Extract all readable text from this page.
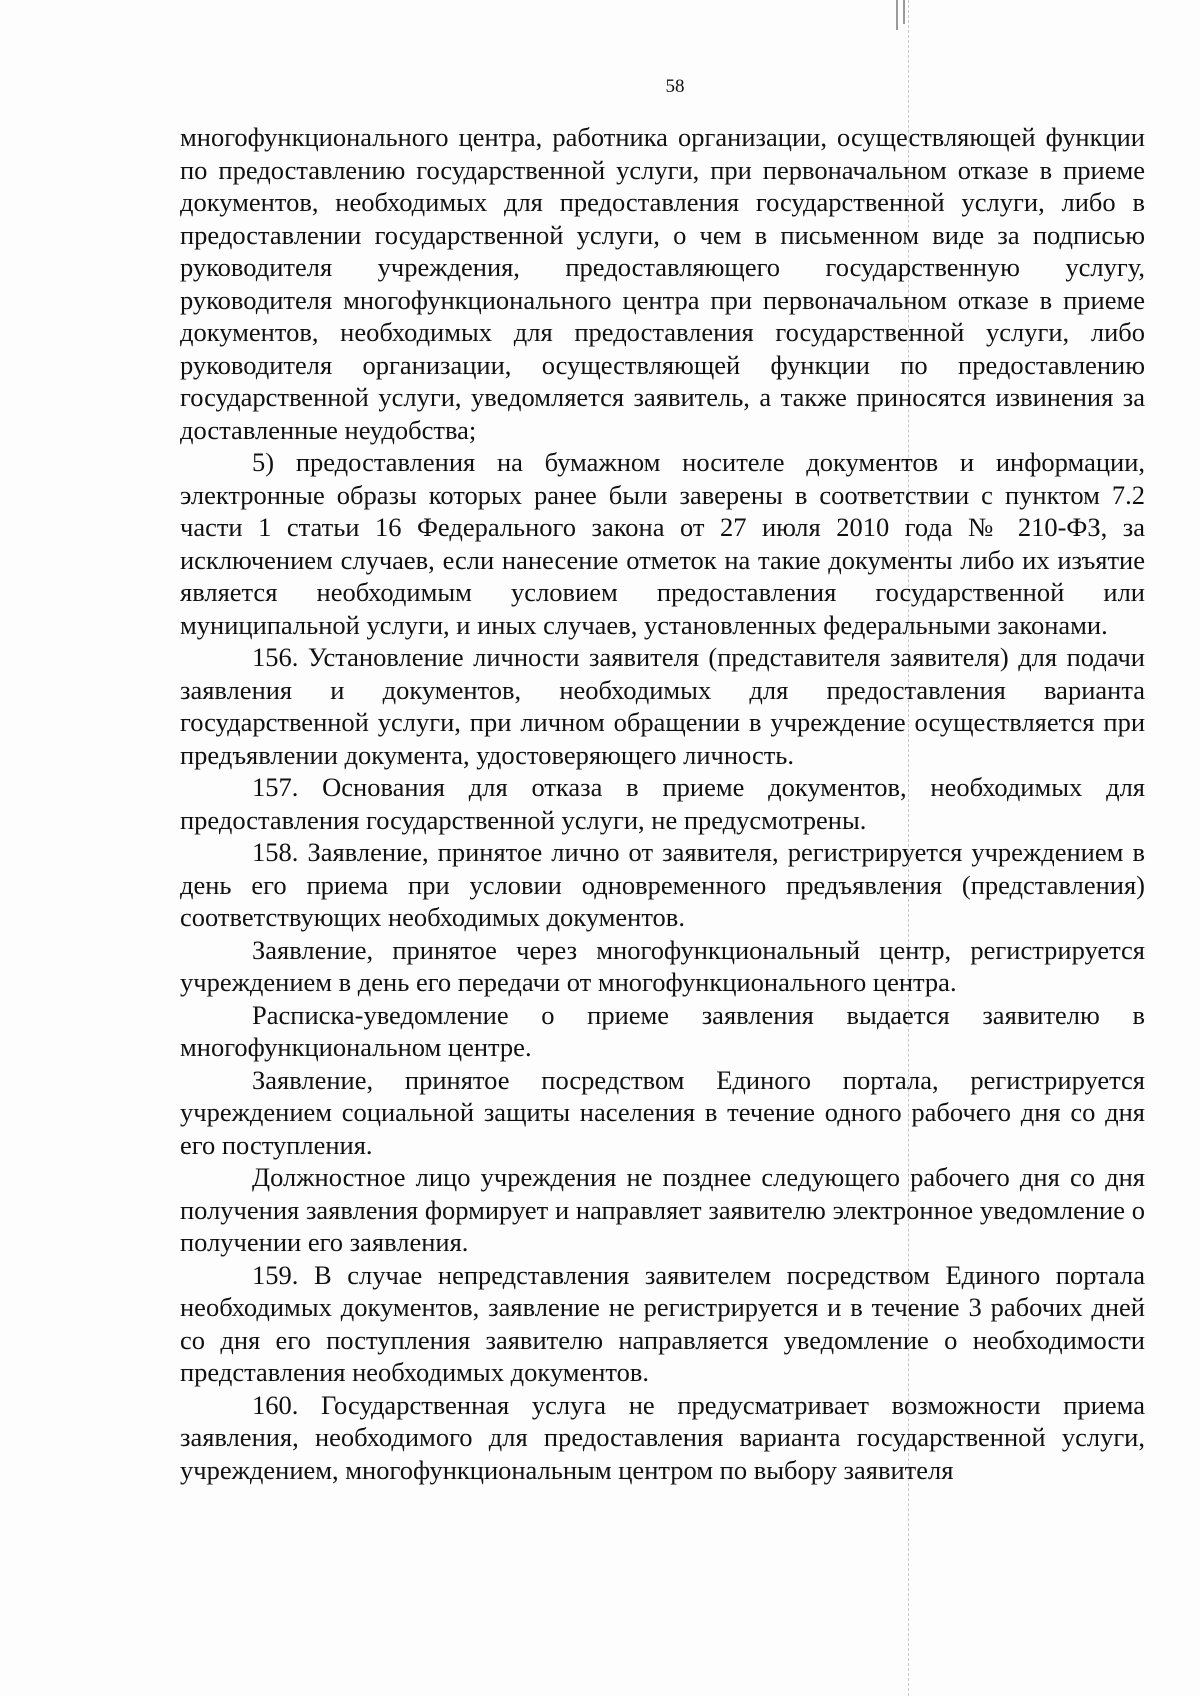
58

многофункционального центра, работника организации, осуществляющей функции по предоставлению государственной услуги, при первоначальном отказе в приеме документов, необходимых для предоставления государственной услуги, либо в предоставлении государственной услуги, о чем в письменном виде за подписью руководителя учреждения, предоставляющего государственную услугу, руководителя многофункционального центра при первоначальном отказе в приеме документов, необходимых для предоставления государственной услуги, либо руководителя организации, осуществляющей функции по предоставлению государственной услуги, уведомляется заявитель, а также приносятся извинения за доставленные неудобства;

5) предоставления на бумажном носителе документов и информации, электронные образы которых ранее были заверены в соответствии с пунктом 7.2 части 1 статьи 16 Федерального закона от 27 июля 2010 года № 210-ФЗ, за исключением случаев, если нанесение отметок на такие документы либо их изъятие является необходимым условием предоставления государственной или муниципальной услуги, и иных случаев, установленных федеральными законами.

156. Установление личности заявителя (представителя заявителя) для подачи заявления и документов, необходимых для предоставления варианта государственной услуги, при личном обращении в учреждение осуществляется при предъявлении документа, удостоверяющего личность.

157. Основания для отказа в приеме документов, необходимых для предоставления государственной услуги, не предусмотрены.

158. Заявление, принятое лично от заявителя, регистрируется учреждением в день его приема при условии одновременного предъявления (представления) соответствующих необходимых документов.

Заявление, принятое через многофункциональный центр, регистрируется учреждением в день его передачи от многофункционального центра.

Расписка-уведомление о приеме заявления выдается заявителю в многофункциональном центре.

Заявление, принятое посредством Единого портала, регистрируется учреждением социальной защиты населения в течение одного рабочего дня со дня его поступления.

Должностное лицо учреждения не позднее следующего рабочего дня со дня получения заявления формирует и направляет заявителю электронное уведомление о получении его заявления.

159. В случае непредставления заявителем посредством Единого портала необходимых документов, заявление не регистрируется и в течение 3 рабочих дней со дня его поступления заявителю направляется уведомление о необходимости представления необходимых документов.

160. Государственная услуга не предусматривает возможности приема заявления, необходимого для предоставления варианта государственной услуги, учреждением, многофункциональным центром по выбору заявителя
